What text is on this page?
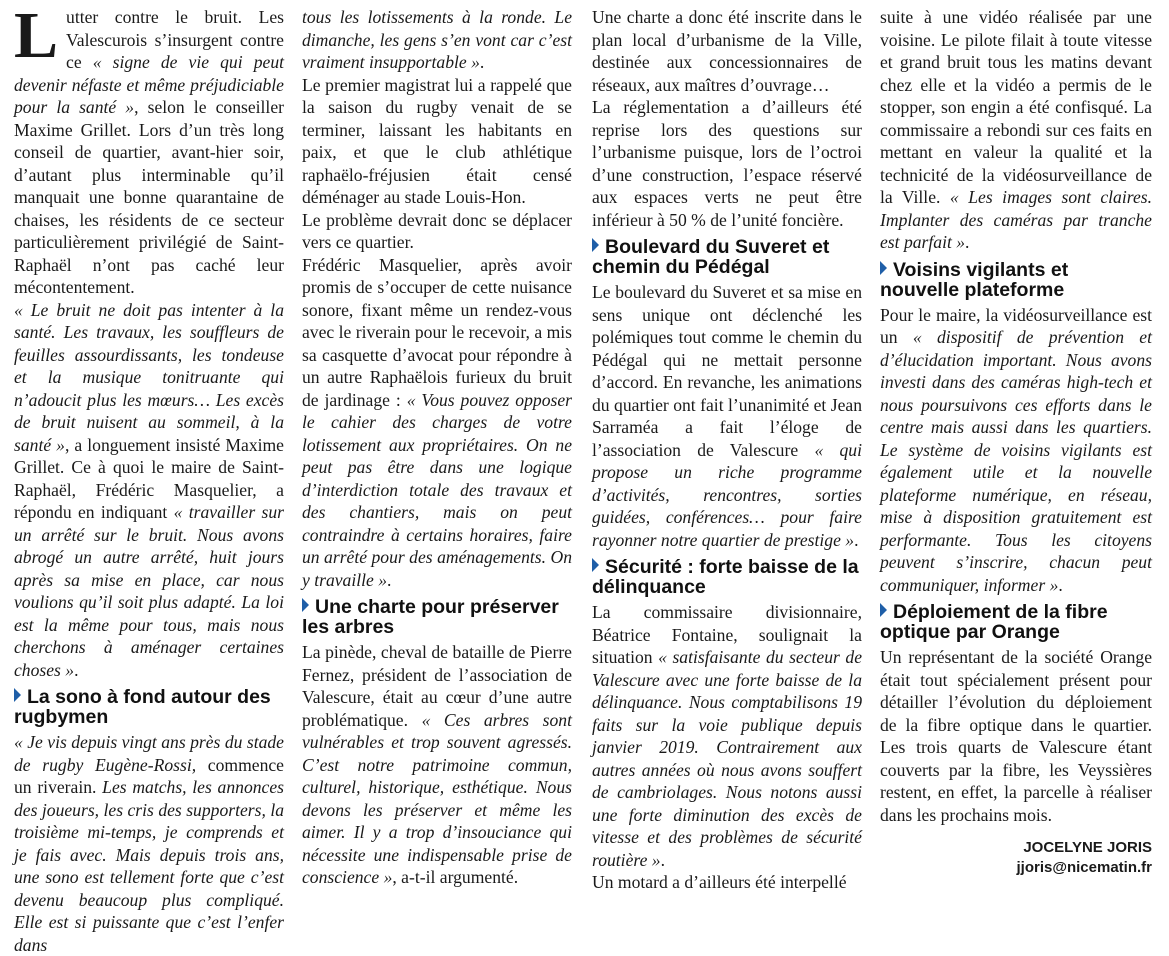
Lutter contre le bruit. Les Valescurois s’insurgent contre ce « signe de vie qui peut devenir néfaste et même préjudiciable pour la santé », selon le conseiller Maxime Grillet. Lors d’un très long conseil de quartier, avant-hier soir, d’autant plus interminable qu’il manquait une bonne quarantaine de chaises, les résidents de ce secteur particulièrement privilégié de Saint-Raphaël n’ont pas caché leur mécontentement.

« Le bruit ne doit pas intenter à la santé. Les travaux, les souffleurs de feuilles assourdissants, les tondeuse et la musique tonitruante qui n’adoucit plus les mœurs… Les excès de bruit nuisent au sommeil, à la santé », a longuement insisté Maxime Grillet. Ce à quoi le maire de Saint-Raphaël, Frédéric Masquelier, a répondu en indiquant « travailler sur un arrêté sur le bruit. Nous avons abrogé un autre arrêté, huit jours après sa mise en place, car nous voulions qu’il soit plus adapté. La loi est la même pour tous, mais nous cherchons à aménager certaines choses ».

La sono à fond autour des rugbymen

« Je vis depuis vingt ans près du stade de rugby Eugène-Rossi, commence un riverain. Les matchs, les annonces des joueurs, les cris des supporters, la troisième mi-temps, je comprends et je fais avec. Mais depuis trois ans, une sono est tellement forte que c’est devenu beaucoup plus compliqué. Elle est si puissante que c’est l’enfer dans

tous les lotissements à la ronde. Le dimanche, les gens s’en vont car c’est vraiment insupportable ».

Le premier magistrat lui a rappelé que la saison du rugby venait de se terminer, laissant les habitants en paix, et que le club athlétique raphaëlo-fréjusien était censé déménager au stade Louis-Hon.

Le problème devrait donc se déplacer vers ce quartier.

Frédéric Masquelier, après avoir promis de s’occuper de cette nuisance sonore, fixant même un rendez-vous avec le riverain pour le recevoir, a mis sa casquette d’avocat pour répondre à un autre Raphaëlois furieux du bruit de jardinage : « Vous pouvez opposer le cahier des charges de votre lotissement aux propriétaires. On ne peut pas être dans une logique d’interdiction totale des travaux et des chantiers, mais on peut contraindre à certains horaires, faire un arrêté pour des aménagements. On y travaille ».

Une charte pour préserver les arbres

La pinède, cheval de bataille de Pierre Fernez, président de l’association de Valescure, était au cœur d’une autre problématique. « Ces arbres sont vulnérables et trop souvent agressés. C’est notre patrimoine commun, culturel, historique, esthétique. Nous devons les préserver et même les aimer. Il y a trop d’insouciance qui nécessite une indispensable prise de conscience », a-t-il argumenté.

Une charte a donc été inscrite dans le plan local d’urbanisme de la Ville, destinée aux concessionnaires de réseaux, aux maîtres d’ouvrage…

La réglementation a d’ailleurs été reprise lors des questions sur l’urbanisme puisque, lors de l’octroi d’une construction, l’espace réservé aux espaces verts ne peut être inférieur à 50 % de l’unité foncière.

Boulevard du Suveret et chemin du Pédégal

Le boulevard du Suveret et sa mise en sens unique ont déclenché les polémiques tout comme le chemin du Pédégal qui ne mettait personne d’accord. En revanche, les animations du quartier ont fait l’unanimité et Jean Sarraméa a fait l’éloge de l’association de Valescure « qui propose un riche programme d’activités, rencontres, sorties guidées, conférences… pour faire rayonner notre quartier de prestige ».

Sécurité : forte baisse de la délinquance

La commissaire divisionnaire, Béatrice Fontaine, soulignait la situation « satisfaisante du secteur de Valescure avec une forte baisse de la délinquance. Nous comptabilisons 19 faits sur la voie publique depuis janvier 2019. Contrairement aux autres années où nous avons souffert de cambriolages. Nous notons aussi une forte diminution des excès de vitesse et des problèmes de sécurité routière ».

Un motard a d’ailleurs été interpellé

suite à une vidéo réalisée par une voisine. Le pilote filait à toute vitesse et grand bruit tous les matins devant chez elle et la vidéo a permis de le stopper, son engin a été confisqué. La commissaire a rebondi sur ces faits en mettant en valeur la qualité et la technicité de la vidéosurveillance de la Ville. « Les images sont claires. Implanter des caméras par tranche est parfait ».

Voisins vigilants et nouvelle plateforme

Pour le maire, la vidéosurveillance est un « dispositif de prévention et d’élucidation important. Nous avons investi dans des caméras high-tech et nous poursuivons ces efforts dans le centre mais aussi dans les quartiers. Le système de voisins vigilants est également utile et la nouvelle plateforme numérique, en réseau, mise à disposition gratuitement est performante. Tous les citoyens peuvent s’inscrire, chacun peut communiquer, informer ».

Déploiement de la fibre optique par Orange

Un représentant de la société Orange était tout spécialement présent pour détailler l’évolution du déploiement de la fibre optique dans le quartier. Les trois quarts de Valescure étant couverts par la fibre, les Veyssières restent, en effet, la parcelle à réaliser dans les prochains mois.

JOCELYNE JORIS
jjoris@nicematin.fr
